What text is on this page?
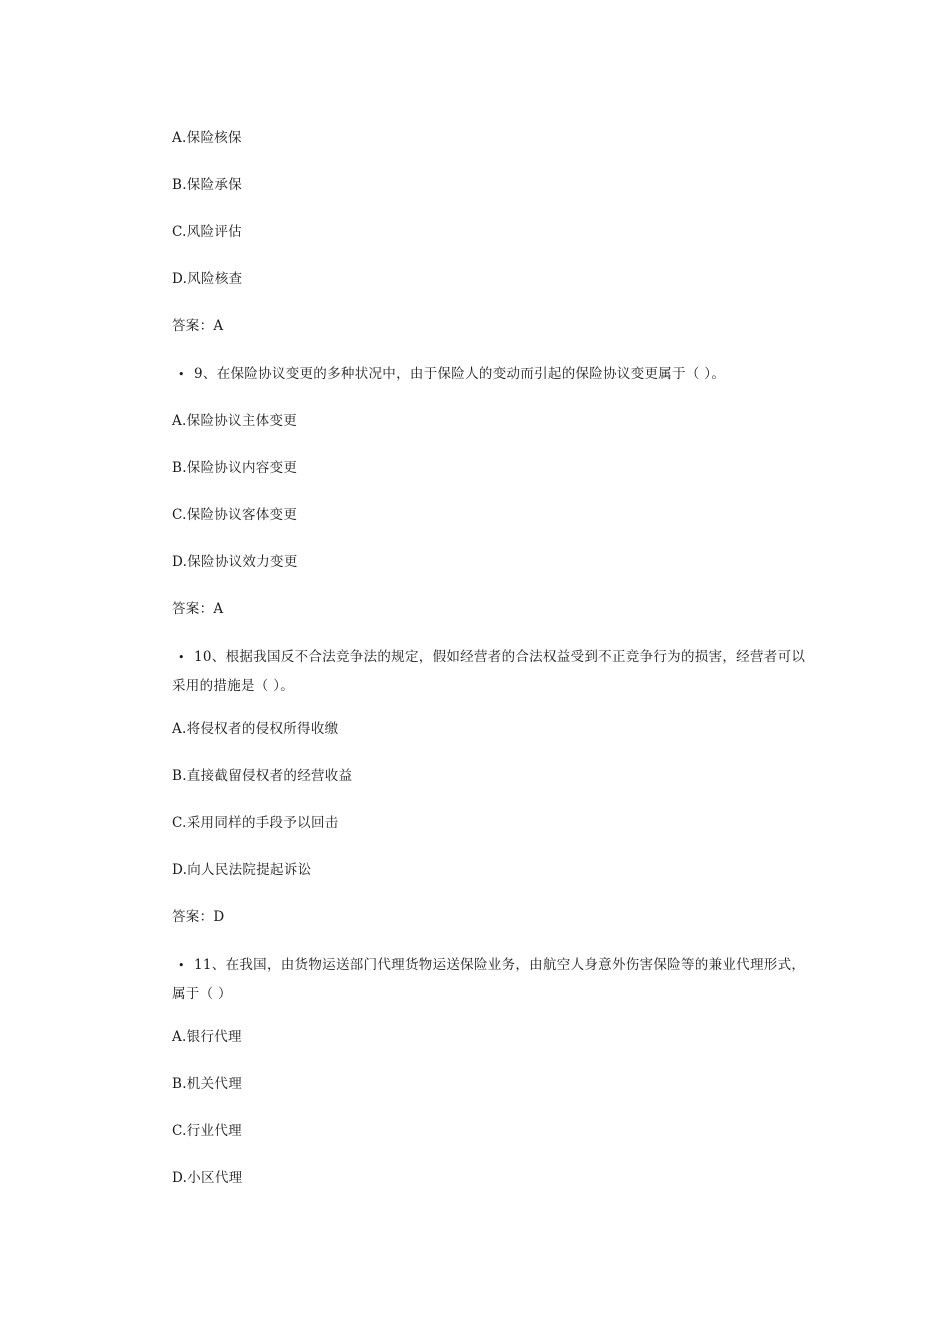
A.保险核保
B.保险承保
C.风险评估
D.风险核查
答案：A
• 9、在保险协议变更的多种状况中，由于保险人的变动而引起的保险协议变更属于（ ）。
A.保险协议主体变更
B.保险协议内容变更
C.保险协议客体变更
D.保险协议效力变更
答案：A
• 10、根据我国反不合法竞争法的规定，假如经营者的合法权益受到不正竞争行为的损害，经营者可以采用的措施是（ ）。
A.将侵权者的侵权所得收缴
B.直接截留侵权者的经营收益
C.采用同样的手段予以回击
D.向人民法院提起诉讼
答案：D
• 11、在我国，由货物运送部门代理货物运送保险业务，由航空人身意外伤害保险等的兼业代理形式，属于（ ）
A.银行代理
B.机关代理
C.行业代理
D.小区代理
